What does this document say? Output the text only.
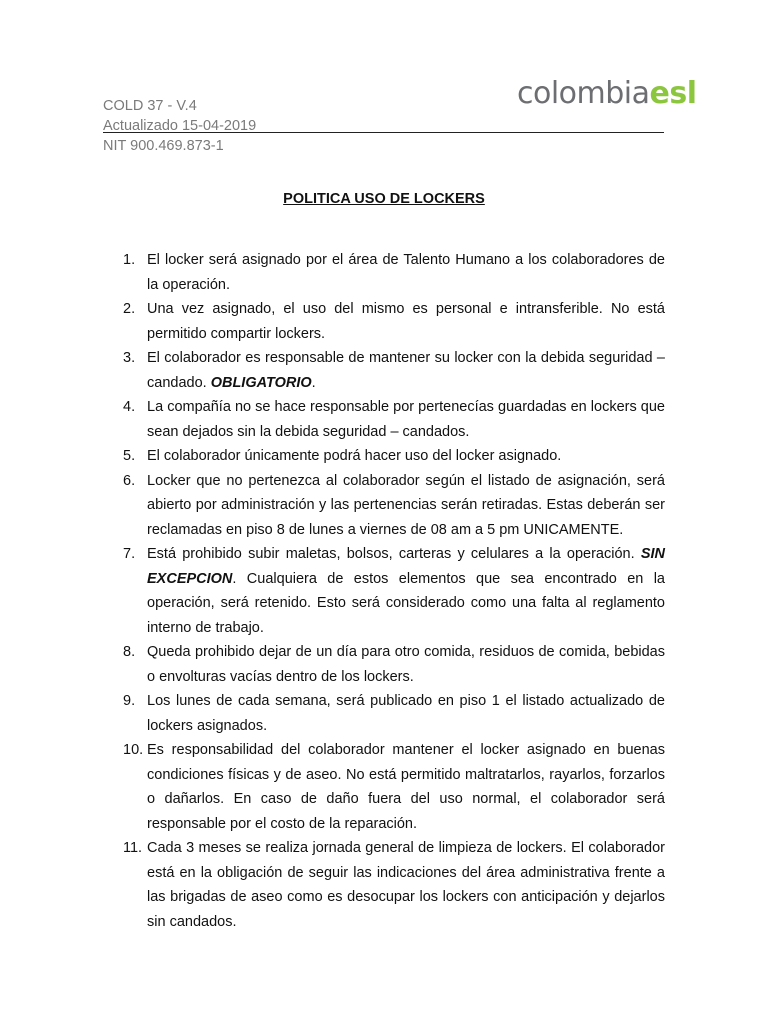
COLD 37 - V.4
Actualizado 15-04-2019
NIT 900.469.873-1
colombiaesl
POLITICA USO DE LOCKERS
1. El locker será asignado por el área de Talento Humano a los colaboradores de la operación.
2. Una vez asignado, el uso del mismo es personal e intransferible. No está permitido compartir lockers.
3. El colaborador es responsable de mantener su locker con la debida seguridad – candado. OBLIGATORIO.
4. La compañía no se hace responsable por pertenecías guardadas en lockers que sean dejados sin la debida seguridad – candados.
5. El colaborador únicamente podrá hacer uso del locker asignado.
6. Locker que no pertenezca al colaborador según el listado de asignación, será abierto por administración y las pertenencias serán retiradas. Estas deberán ser reclamadas en piso 8 de lunes a viernes de 08 am a 5 pm UNICAMENTE.
7. Está prohibido subir maletas, bolsos, carteras y celulares a la operación. SIN EXCEPCION. Cualquiera de estos elementos que sea encontrado en la operación, será retenido. Esto será considerado como una falta al reglamento interno de trabajo.
8. Queda prohibido dejar de un día para otro comida, residuos de comida, bebidas o envolturas vacías dentro de los lockers.
9. Los lunes de cada semana, será publicado en piso 1 el listado actualizado de lockers asignados.
10. Es responsabilidad del colaborador mantener el locker asignado en buenas condiciones físicas y de aseo. No está permitido maltratarlos, rayarlos, forzarlos o dañarlos. En caso de daño fuera del uso normal, el colaborador será responsable por el costo de la reparación.
11. Cada 3 meses se realiza jornada general de limpieza de lockers. El colaborador está en la obligación de seguir las indicaciones del área administrativa frente a las brigadas de aseo como es desocupar los lockers con anticipación y dejarlos sin candados.
